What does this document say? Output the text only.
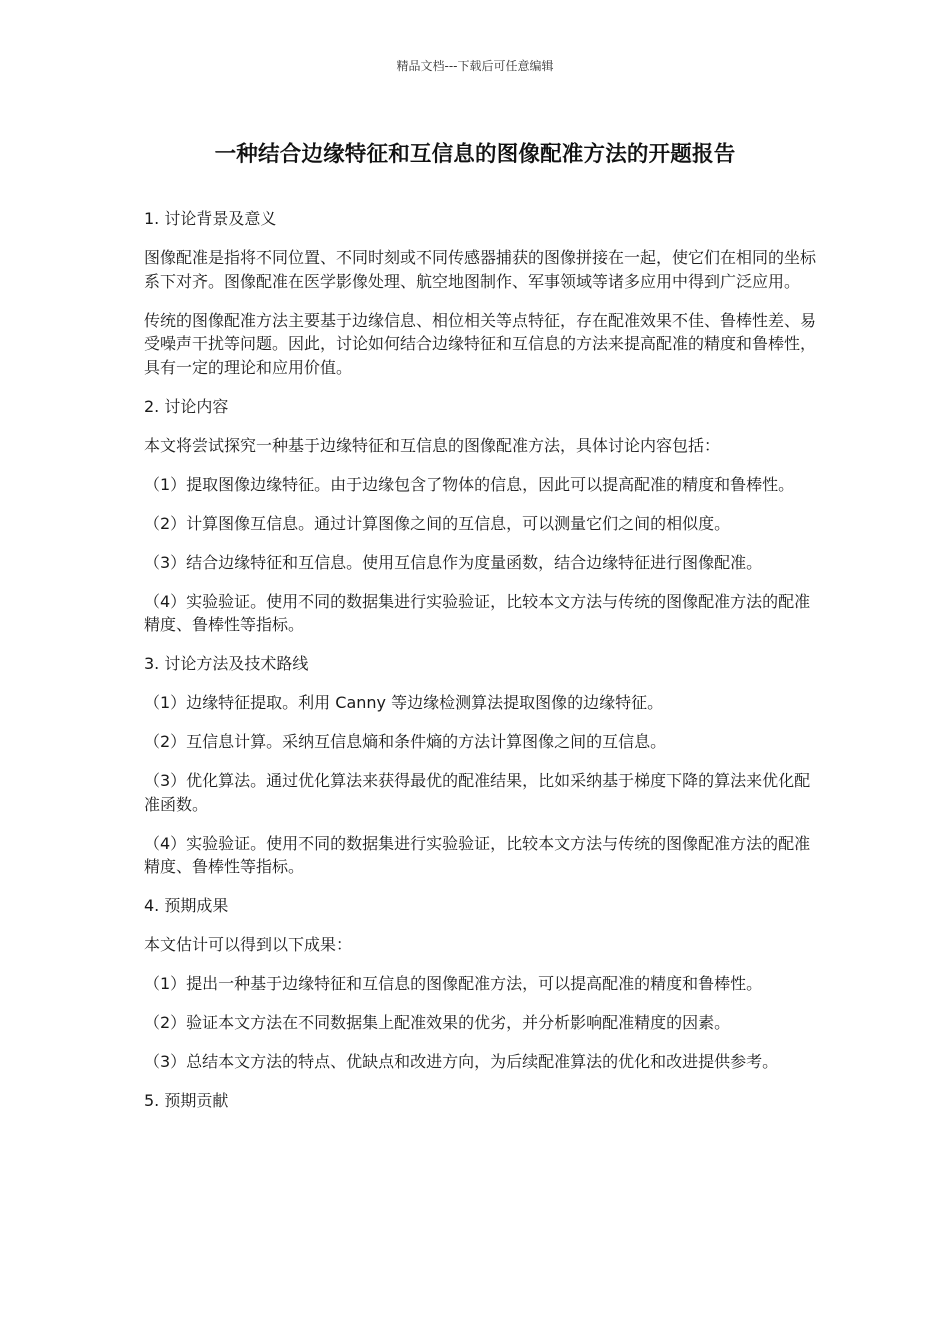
精品文档---下载后可任意编辑
一种结合边缘特征和互信息的图像配准方法的开题报告

1. 讨论背景及意义

图像配准是指将不同位置、不同时刻或不同传感器捕获的图像拼接在一起，使它们在相同的坐标系下对齐。图像配准在医学影像处理、航空地图制作、军事领域等诸多应用中得到广泛应用。

传统的图像配准方法主要基于边缘信息、相位相关等点特征，存在配准效果不佳、鲁棒性差、易受噪声干扰等问题。因此，讨论如何结合边缘特征和互信息的方法来提高配准的精度和鲁棒性，具有一定的理论和应用价值。

2. 讨论内容

本文将尝试探究一种基于边缘特征和互信息的图像配准方法，具体讨论内容包括：

（1）提取图像边缘特征。由于边缘包含了物体的信息，因此可以提高配准的精度和鲁棒性。

（2）计算图像互信息。通过计算图像之间的互信息，可以测量它们之间的相似度。

（3）结合边缘特征和互信息。使用互信息作为度量函数，结合边缘特征进行图像配准。

（4）实验验证。使用不同的数据集进行实验验证，比较本文方法与传统的图像配准方法的配准精度、鲁棒性等指标。

3. 讨论方法及技术路线

（1）边缘特征提取。利用 Canny 等边缘检测算法提取图像的边缘特征。

（2）互信息计算。采纳互信息熵和条件熵的方法计算图像之间的互信息。

（3）优化算法。通过优化算法来获得最优的配准结果，比如采纳基于梯度下降的算法来优化配准函数。

（4）实验验证。使用不同的数据集进行实验验证，比较本文方法与传统的图像配准方法的配准精度、鲁棒性等指标。

4. 预期成果

本文估计可以得到以下成果：

（1）提出一种基于边缘特征和互信息的图像配准方法，可以提高配准的精度和鲁棒性。

（2）验证本文方法在不同数据集上配准效果的优劣，并分析影响配准精度的因素。

（3）总结本文方法的特点、优缺点和改进方向，为后续配准算法的优化和改进提供参考。

5. 预期贡献
